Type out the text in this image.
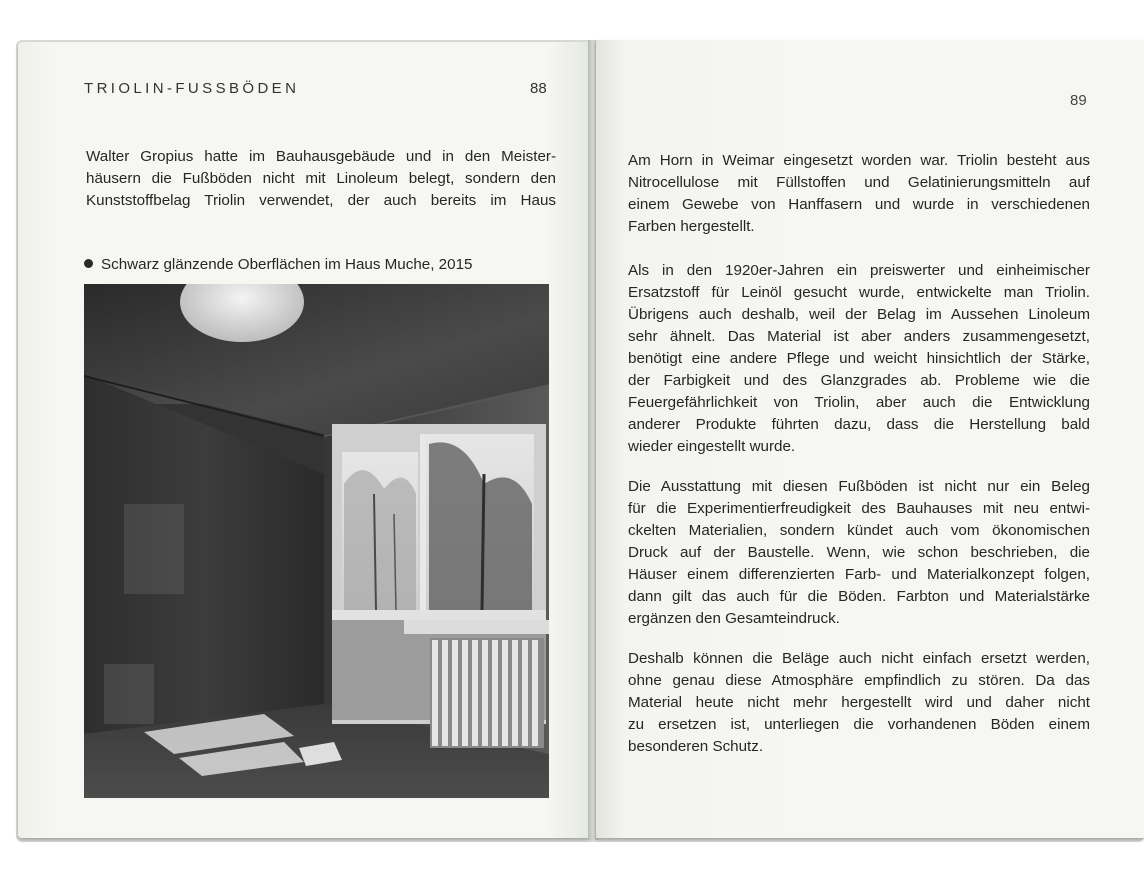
TRIOLIN-FUSSBÖDEN	88
Walter Gropius hatte im Bauhausgebäude und in den Meister-
häusern die Fußböden nicht mit Linoleum belegt, sondern den
Kunststoffbelag Triolin verwendet, der auch bereits im Haus
Schwarz glänzende Oberflächen im Haus Muche, 2015
89
Am Horn in Weimar eingesetzt worden war. Triolin besteht aus
Nitrocellulose mit Füllstoffen und Gelatinierungsmitteln auf
einem Gewebe von Hanffasern und wurde in verschiedenen
Farben hergestellt.
Als in den 1920er-Jahren ein preiswerter und einheimischer
Ersatzstoff für Leinöl gesucht wurde, entwickelte man Triolin.
Übrigens auch deshalb, weil der Belag im Aussehen Linoleum
sehr ähnelt. Das Material ist aber anders zusammengesetzt,
benötigt eine andere Pflege und weicht hinsichtlich der Stärke,
der Farbigkeit und des Glanzgrades ab. Probleme wie die
Feuergefährlichkeit von Triolin, aber auch die Entwicklung
anderer Produkte führten dazu, dass die Herstellung bald
wieder eingestellt wurde.
Die Ausstattung mit diesen Fußböden ist nicht nur ein Beleg
für die Experimentierfreudigkeit des Bauhauses mit neu entwi-
ckelten Materialien, sondern kündet auch vom ökonomischen
Druck auf der Baustelle. Wenn, wie schon beschrieben, die
Häuser einem differenzierten Farb- und Materialkonzept folgen,
dann gilt das auch für die Böden. Farbton und Materialstärke
ergänzen den Gesamteindruck.
Deshalb können die Beläge auch nicht einfach ersetzt werden,
ohne genau diese Atmosphäre empfindlich zu stören. Da das
Material heute nicht mehr hergestellt wird und daher nicht
zu ersetzen ist, unterliegen die vorhandenen Böden einem
besonderen Schutz.
